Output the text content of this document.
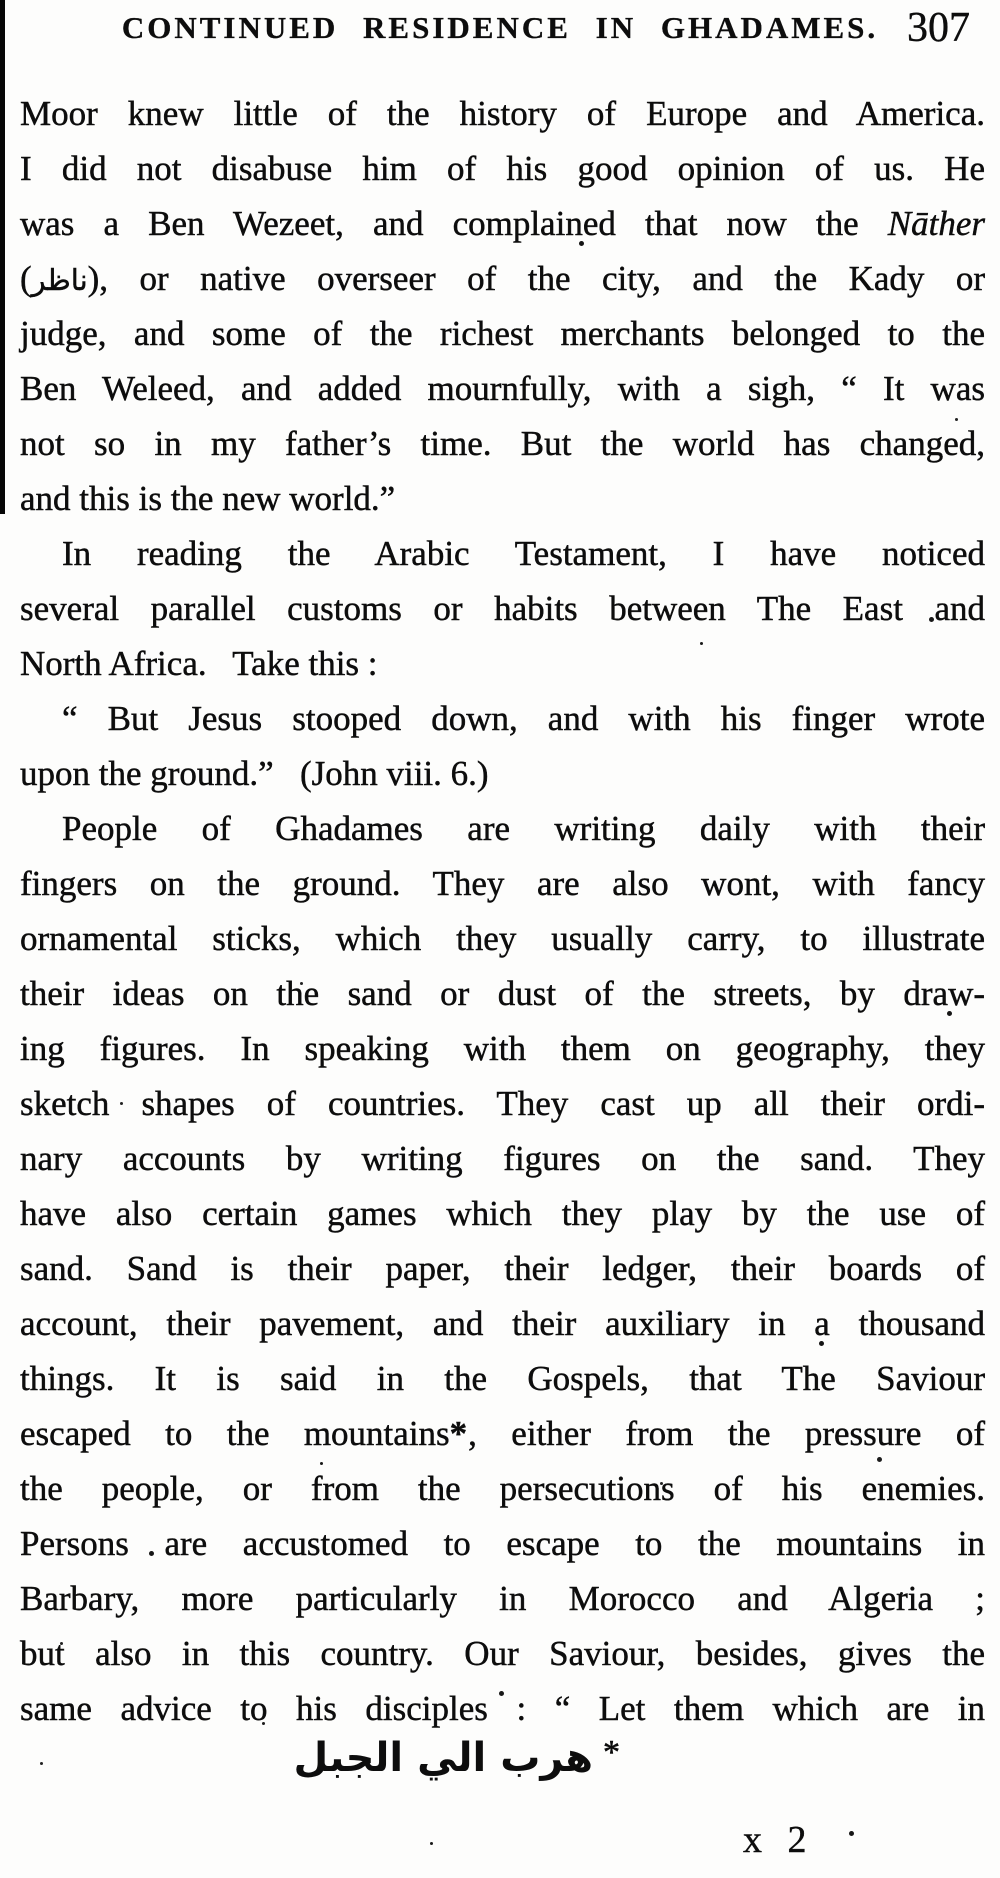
CONTINUED RESIDENCE IN GHADAMES. 307
Moor knew little of the history of Europe and America.
I did not disabuse him of his good opinion of us. He
was a Ben Wezeet, and complained that now the Nāther
(ناظر), or native overseer of the city, and the Kady or
judge, and some of the richest merchants belonged to the
Ben Weleed, and added mournfully, with a sigh, “ It was
not so in my father’s time. But the world has changed,
and this is the new world.”
In reading the Arabic Testament, I have noticed
several parallel customs or habits between The East and
North Africa.   Take this :
“ But Jesus stooped down, and with his finger wrote
upon the ground.”   (John viii. 6.)
People of Ghadames are writing daily with their
fingers on the ground. They are also wont, with fancy
ornamental sticks, which they usually carry, to illustrate
their ideas on the sand or dust of the streets, by draw-
ing figures. In speaking with them on geography, they
sketch shapes of countries. They cast up all their ordi-
nary accounts by writing figures on the sand. They
have also certain games which they play by the use of
sand. Sand is their paper, their ledger, their boards of
account, their pavement, and their auxiliary in a thousand
things. It is said in the Gospels, that The Saviour
escaped to the mountains*, either from the pressure of
the people, or from the persecutions of his enemies.
Persons are accustomed to escape to the mountains in
Barbary, more particularly in Morocco and Algeria ;
but also in this country. Our Saviour, besides, gives the
same advice to his disciples : “ Let them which are in
*هرب الي الجبل
x 2
